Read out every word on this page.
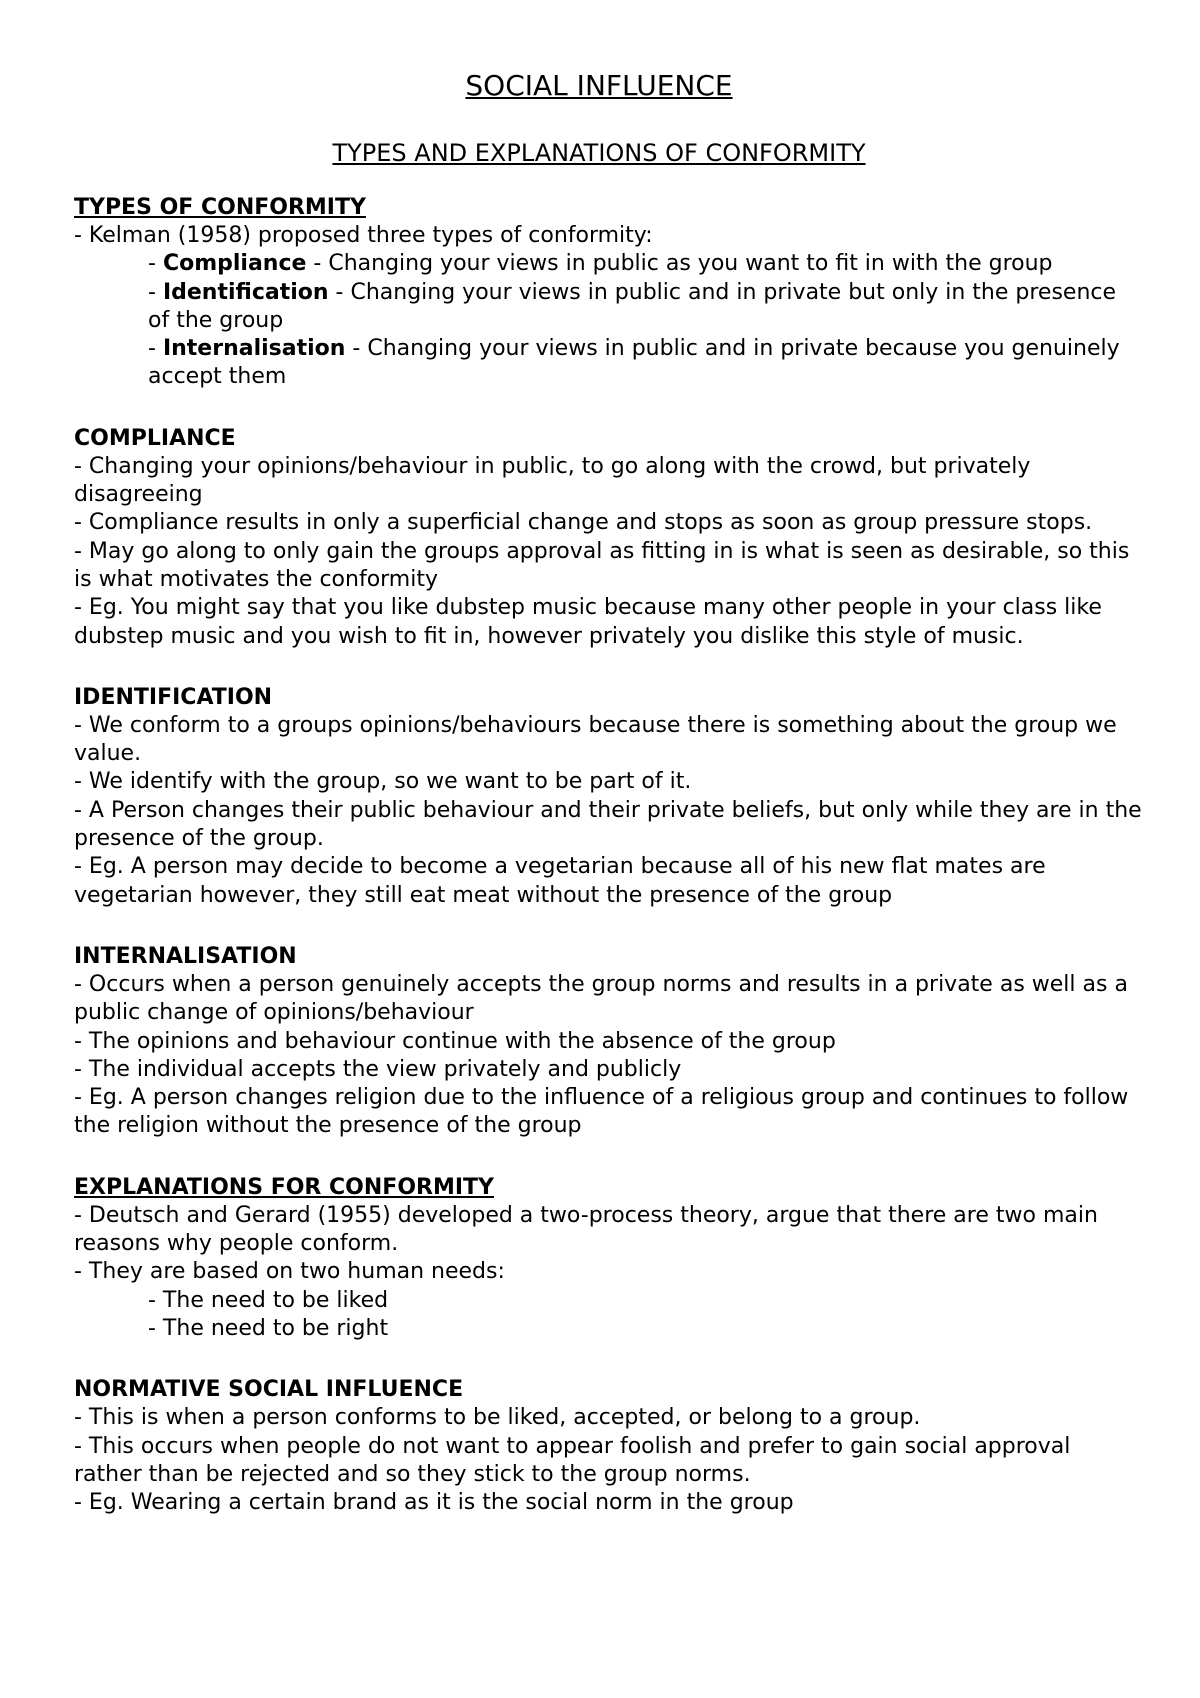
SOCIAL INFLUENCE
TYPES AND EXPLANATIONS OF CONFORMITY

TYPES OF CONFORMITY

- Kelman (1958) proposed three types of conformity:

- Compliance - Changing your views in public as you want to fit in with the group

- Identification - Changing your views in public and in private but only in the presence of the group

- Internalisation - Changing your views in public and in private because you genuinely accept them

COMPLIANCE

- Changing your opinions/behaviour in public, to go along with the crowd, but privately disagreeing

- Compliance results in only a superficial change and stops as soon as group pressure stops.

- May go along to only gain the groups approval as fitting in is what is seen as desirable, so this is what motivates the conformity

- Eg. You might say that you like dubstep music because many other people in your class like dubstep music and you wish to fit in, however privately you dislike this style of music.

IDENTIFICATION

- We conform to a groups opinions/behaviours because there is something about the group we value.

- We identify with the group, so we want to be part of it.

- A Person changes their public behaviour and their private beliefs, but only while they are in the presence of the group.

- Eg. A person may decide to become a vegetarian because all of his new flat mates are vegetarian however, they still eat meat without the presence of the group

INTERNALISATION

- Occurs when a person genuinely accepts the group norms and results in a private as well as a public change of opinions/behaviour

- The opinions and behaviour continue with the absence of the group

- The individual accepts the view privately and publicly

- Eg. A person changes religion due to the influence of a religious group and continues to follow the religion without the presence of the group

EXPLANATIONS FOR CONFORMITY

- Deutsch and Gerard (1955) developed a two-process theory, argue that there are two main reasons why people conform.

- They are based on two human needs:

- The need to be liked

- The need to be right

NORMATIVE SOCIAL INFLUENCE

- This is when a person conforms to be liked, accepted, or belong to a group.

- This occurs when people do not want to appear foolish and prefer to gain social approval rather than be rejected and so they stick to the group norms.

- Eg. Wearing a certain brand as it is the social norm in the group
